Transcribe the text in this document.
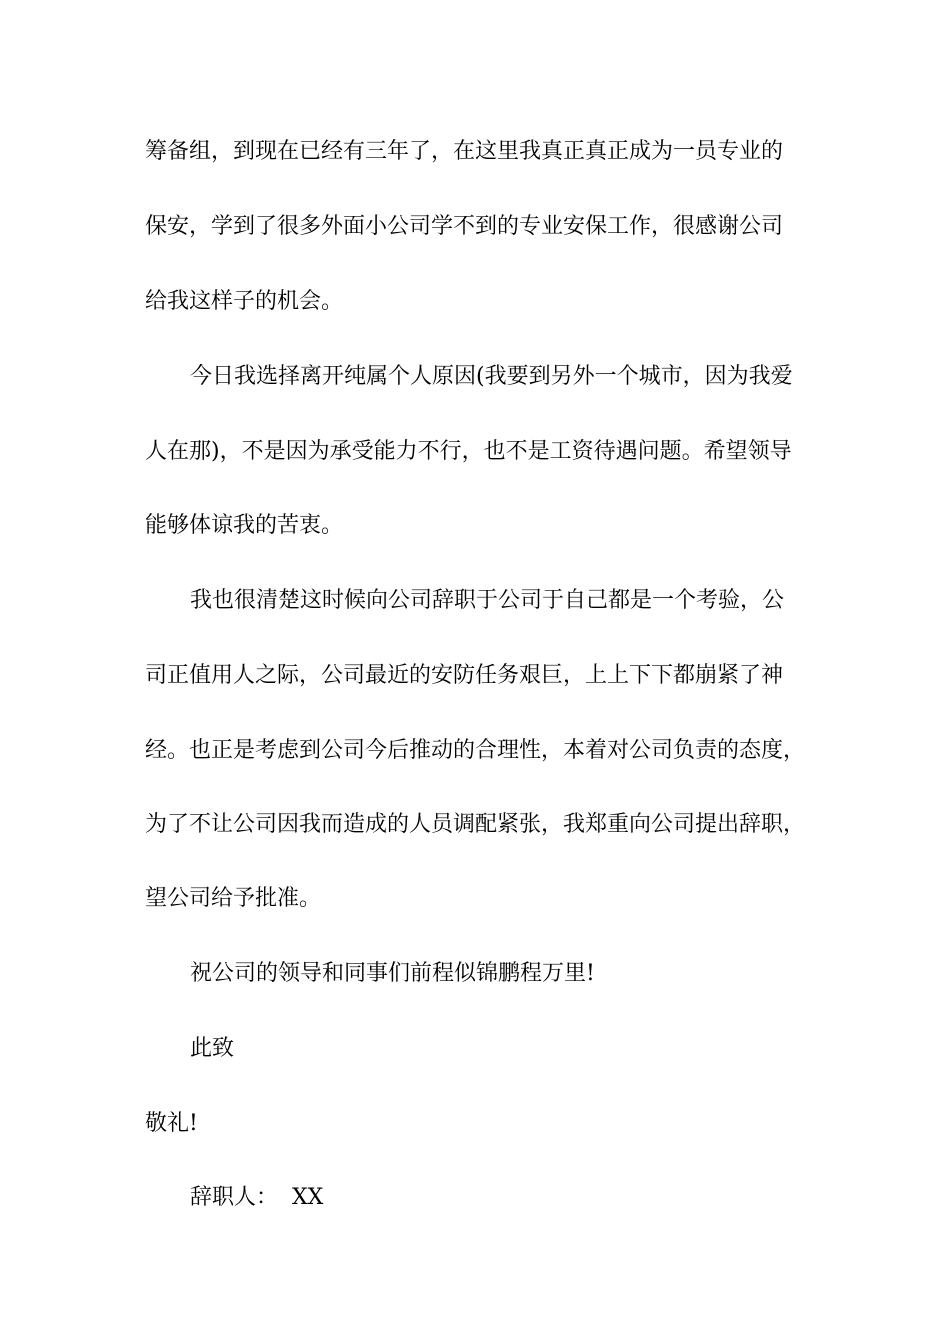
筹备组，到现在已经有三年了，在这里我真正真正成为一员专业的
保安，学到了很多外面小公司学不到的专业安保工作，很感谢公司
给我这样子的机会。
今日我选择离开纯属个人原因(我要到另外一个城市，因为我爱
人在那)，不是因为承受能力不行，也不是工资待遇问题。希望领导
能够体谅我的苦衷。
我也很清楚这时候向公司辞职于公司于自己都是一个考验，公
司正值用人之际，公司最近的安防任务艰巨，上上下下都崩紧了神
经。也正是考虑到公司今后推动的合理性，本着对公司负责的态度，
为了不让公司因我而造成的人员调配紧张，我郑重向公司提出辞职，
望公司给予批准。
祝公司的领导和同事们前程似锦鹏程万里!
此致
敬礼!
辞职人：  XX
